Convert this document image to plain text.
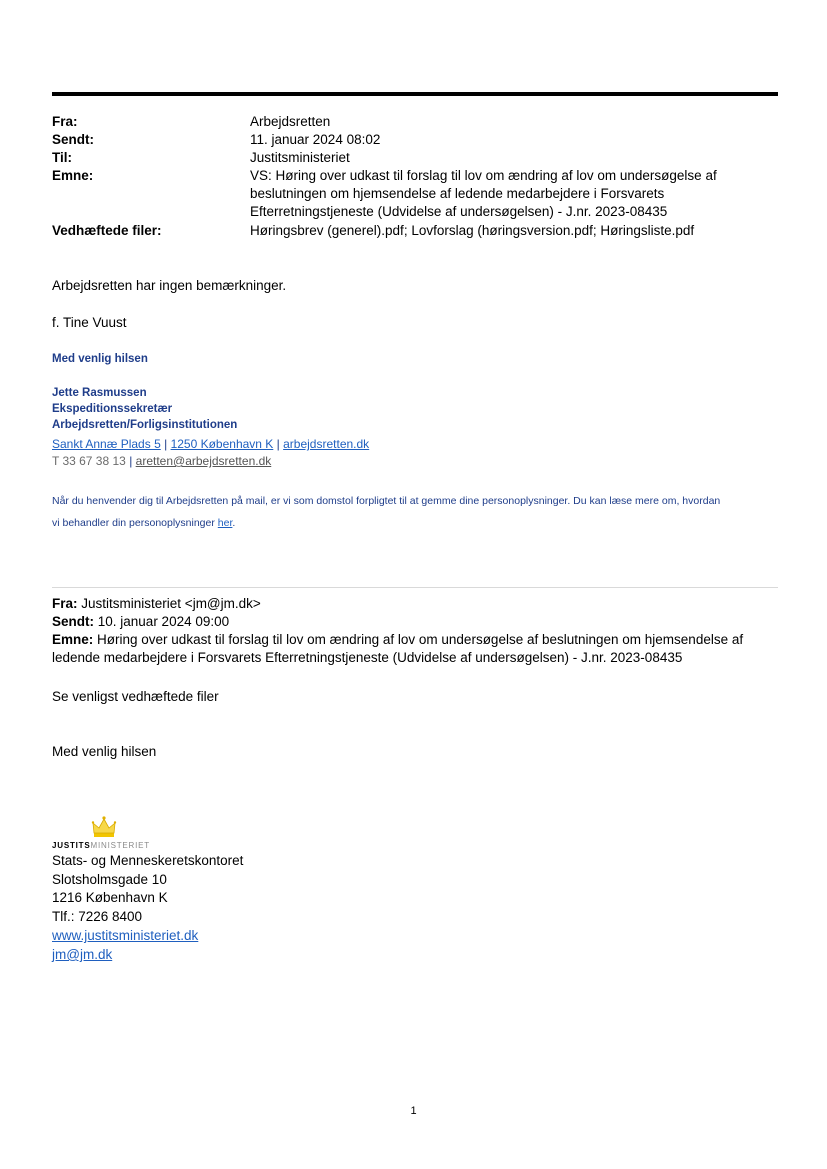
Fra:	Arbejdsretten
Sendt:	11. januar 2024 08:02
Til:	Justitsministeriet
Emne:	VS: Høring over udkast til forslag til lov om ændring af lov om undersøgelse af beslutningen om hjemsendelse af ledende medarbejdere i Forsvarets Efterretningstjeneste (Udvidelse af undersøgelsen) - J.nr. 2023-08435
Vedhæftede filer:	Høringsbrev (generel).pdf; Lovforslag (høringsversion.pdf; Høringsliste.pdf
Arbejdsretten har ingen bemærkninger.
f. Tine Vuust
Med venlig hilsen
Jette Rasmussen
Ekspeditionssekretær
Arbejdsretten/Forligsinstitutionen
Sankt Annæ Plads 5 | 1250 København K | arbejdsretten.dk
T 33 67 38 13 | aretten@arbejdsretten.dk
Når du henvender dig til Arbejdsretten på mail, er vi som domstol forpligtet til at gemme dine personoplysninger. Du kan læse mere om, hvordan
vi behandler din personoplysninger her.
Fra: Justitsministeriet <jm@jm.dk>
Sendt: 10. januar 2024 09:00
Emne: Høring over udkast til forslag til lov om ændring af lov om undersøgelse af beslutningen om hjemsendelse af ledende medarbejdere i Forsvarets Efterretningstjeneste (Udvidelse af undersøgelsen) - J.nr. 2023-08435
Se venligst vedhæftede filer
Med venlig hilsen
JUSTITSMINISTERIET
Stats- og Menneskeretskontoret
Slotsholmsgade 10
1216 København K
Tlf.: 7226 8400
www.justitsministeriet.dk
jm@jm.dk
1
